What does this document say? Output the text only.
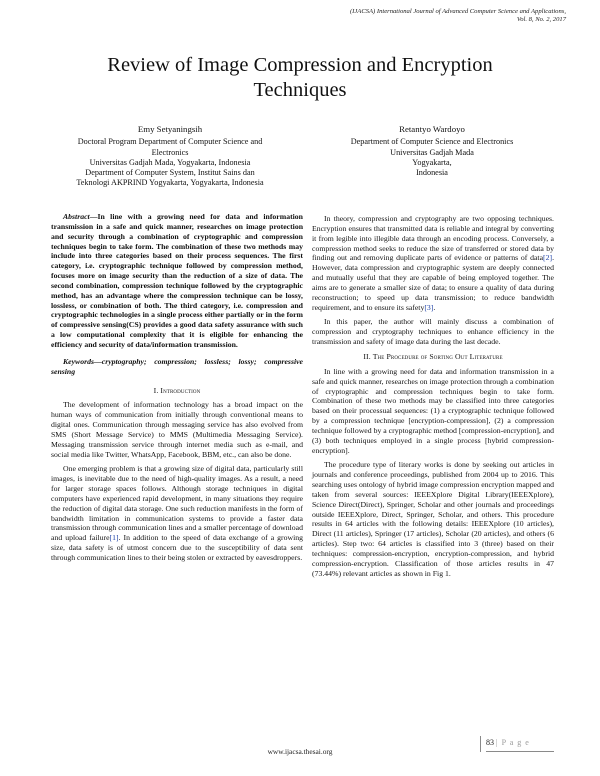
(IJACSA) International Journal of Advanced Computer Science and Applications,
Vol. 8, No. 2, 2017
Review of Image Compression and Encryption
Techniques
Emy Setyaningsih
Doctoral Program Department of Computer Science and
Electronics
Universitas Gadjah Mada, Yogyakarta, Indonesia
Department of Computer System, Institut Sains dan
Teknologi AKPRIND Yogyakarta, Yogyakarta, Indonesia
Retantyo Wardoyo
Department of Computer Science and Electronics
Universitas Gadjah Mada
Yogyakarta,
Indonesia
Abstract—In line with a growing need for data and information transmission in a safe and quick manner, researches on image protection and security through a combination of cryptographic and compression techniques begin to take form. The combination of these two methods may include into three categories based on their process sequences. The first category, i.e. cryptographic technique followed by compression method, focuses more on image security than the reduction of a size of data. The second combination, compression technique followed by the cryptographic method, has an advantage where the compression technique can be lossy, lossless, or combination of both. The third category, i.e. compression and cryptographic technologies in a single process either partially or in the form of compressive sensing(CS) provides a good data safety assurance with such a low computational complexity that it is eligible for enhancing the efficiency and security of data/information transmission.
Keywords—cryptography; compression; lossless; lossy; compressive sensing
I. Introduction

The development of information technology has a broad impact on the human ways of communication from initially through conventional means to digital ones. Communication through messaging service has also evolved from SMS (Short Message Service) to MMS (Multimedia Messaging Service). Messaging transmission service through internet media such as e-mail, and social media like Twitter, WhatsApp, Facebook, BBM, etc., can also be done.

One emerging problem is that a growing size of digital data, particularly still images, is inevitable due to the need of high-quality images. As a result, a need for larger storage spaces follows. Although storage techniques in digital computers have experienced rapid development, in many situations they require the reduction of digital data storage. One such reduction manifests in the form of bandwidth limitation in communication systems to provide a faster data transmission through communication lines and a smaller percentage of download and upload failure[1]. In addition to the speed of data exchange of a growing size, data safety is of utmost concern due to the susceptibility of data sent through communication lines to their being stolen or extracted by eavesdroppers.

In theory, compression and cryptography are two opposing techniques. Encryption ensures that transmitted data is reliable and integral by converting it from legible into illegible data through an encoding process. Conversely, a compression method seeks to reduce the size of transferred or stored data by finding out and removing duplicate parts of evidence or patterns of data[2]. However, data compression and cryptographic system are deeply connected and mutually useful that they are capable of being employed together. The aims are to generate a smaller size of data; to ensure a quality of data during reconstruction; to speed up data transmission; to reduce bandwidth requirement, and to ensure its safety[3].

In this paper, the author will mainly discuss a combination of compression and cryptography techniques to enhance efficiency in the transmission and safety of image data during the last decade.

II. The Procedure of Sorting Out Literature

In line with a growing need for data and information transmission in a safe and quick manner, researches on image protection through a combination of cryptographic and compression techniques begin to take form. Combination of these two methods may be classified into three categories based on their processual sequences: (1) a cryptographic technique followed by a compression technique [encryption-compression], (2) a compression technique followed by a cryptographic method [compression-encryption], and (3) both techniques employed in a single process [hybrid compression-encryption].

The procedure type of literary works is done by seeking out articles in journals and conference proceedings, published from 2004 up to 2016. This searching uses ontology of hybrid image compression encryption mapped and taken from several sources: IEEEXplore Digital Library(IEEEXplore), Science Direct(Direct), Springer, Scholar and other journals and proceedings outside IEEEXplore, Direct, Springer, Scholar, and others. This procedure results in 64 articles with the following details: IEEEXplore (10 articles), Direct (11 articles), Springer (17 articles), Scholar (20 articles), and others (6 articles). Step two: 64 articles is classified into 3 (three) based on their techniques: compression-encryption, encryption-compression, and hybrid compression-encryption. Classification of those articles results in 47 (73.44%) relevant articles as shown in Fig 1.

83 | P a g e
www.ijacsa.thesai.org
